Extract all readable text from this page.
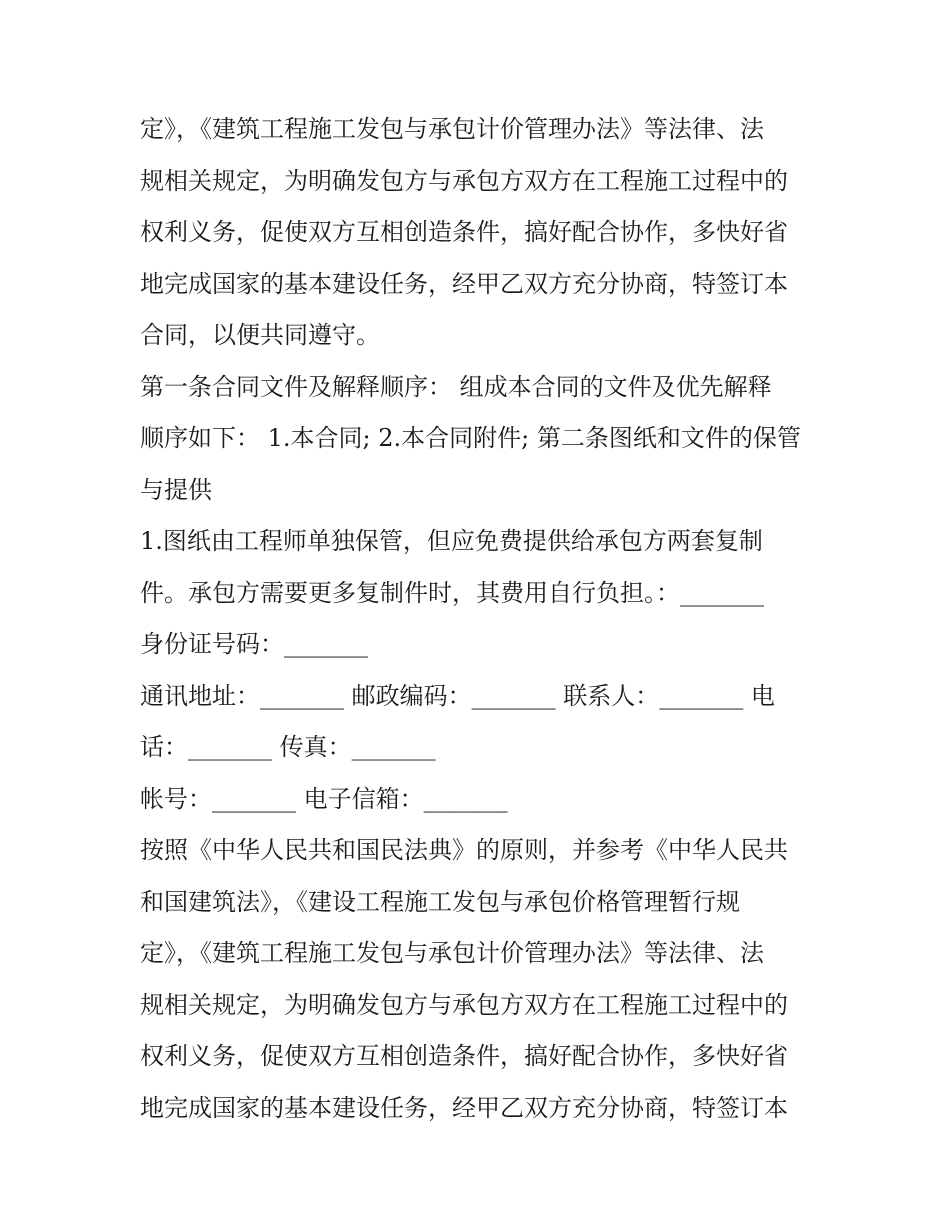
定》，《建筑工程施工发包与承包计价管理办法》等法律、法
规相关规定，为明确发包方与承包方双方在工程施工过程中的
权利义务，促使双方互相创造条件，搞好配合协作，多快好省
地完成国家的基本建设任务，经甲乙双方充分协商，特签订本
合同，以便共同遵守。
第一条合同文件及解释顺序： 组成本合同的文件及优先解释
顺序如下： 1.本合同; 2.本合同附件; 第二条图纸和文件的保管
与提供
1.图纸由工程师单独保管，但应免费提供给承包方两套复制
件。承包方需要更多复制件时，其费用自行负担。：_______
身份证号码：_______
通讯地址：_______ 邮政编码：_______ 联系人：_______ 电
话：_______ 传真：_______
帐号：_______ 电子信箱：_______
按照《中华人民共和国民法典》的原则，并参考《中华人民共
和国建筑法》，《建设工程施工发包与承包价格管理暂行规
定》，《建筑工程施工发包与承包计价管理办法》等法律、法
规相关规定，为明确发包方与承包方双方在工程施工过程中的
权利义务，促使双方互相创造条件，搞好配合协作，多快好省
地完成国家的基本建设任务，经甲乙双方充分协商，特签订本
